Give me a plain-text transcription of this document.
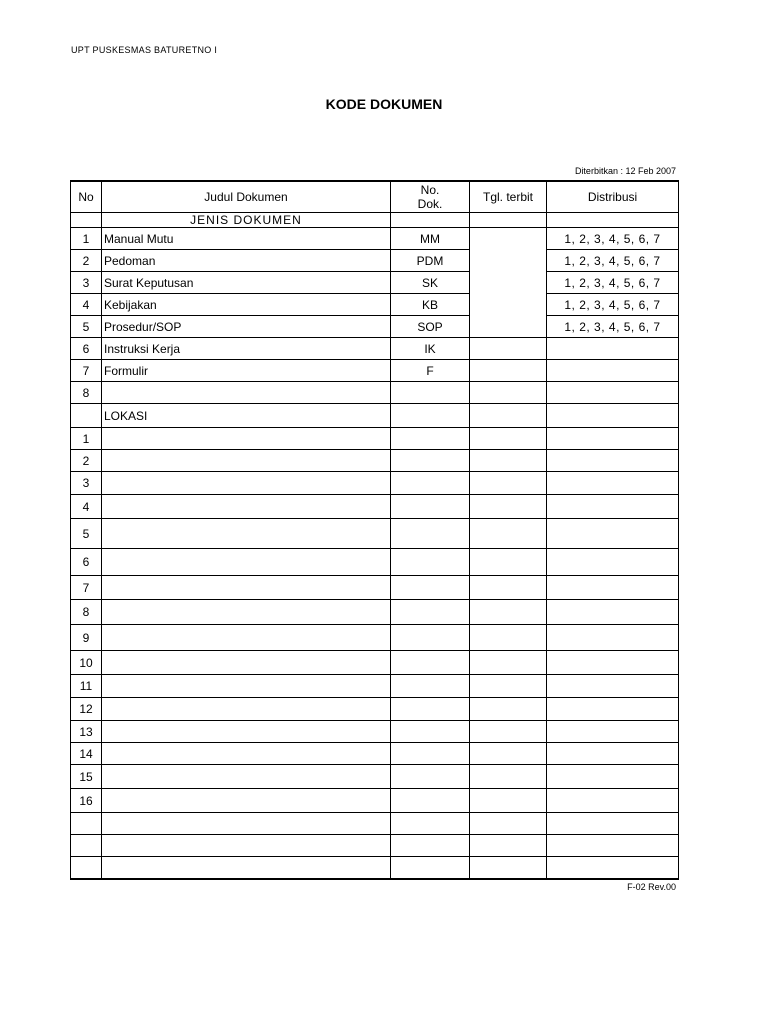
UPT PUSKESMAS BATURETNO I
KODE DOKUMEN
Diterbitkan : 12 Feb 2007
No	Judul Dokumen	No. Dok.	Tgl. terbit	Distribusi
	JENIS DOKUMEN			
1	Manual Mutu	MM		1, 2, 3, 4, 5, 6, 7
2	Pedoman	PDM		1, 2, 3, 4, 5, 6, 7
3	Surat Keputusan	SK		1, 2, 3, 4, 5, 6, 7
4	Kebijakan	KB		1, 2, 3, 4, 5, 6, 7
5	Prosedur/SOP	SOP		1, 2, 3, 4, 5, 6, 7
6	Instruksi Kerja	IK		
7	Formulir	F		
8				
	LOKASI			
1				
2				
3				
4				
5				
6				
7				
8				
9				
10				
11				
12				
13				
14				
15				
16				

F-02 Rev.00
